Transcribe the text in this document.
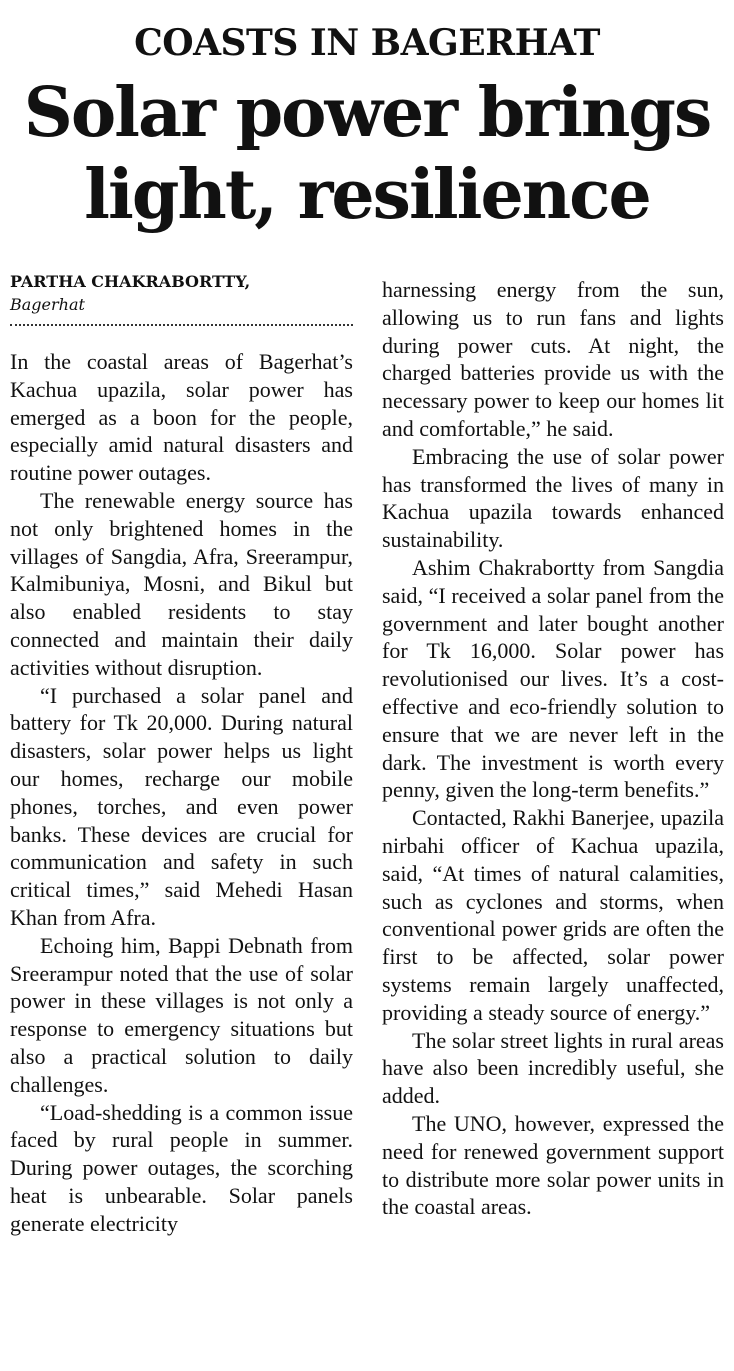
COASTS IN BAGERHAT
Solar power brings
light, resilience
PARTHA CHAKRABORTTY,
Bagerhat

In the coastal areas of Bagerhat’s Kachua upazila, solar power has emerged as a boon for the people, especially amid natural disasters and routine power outages.

The renewable energy source has not only brightened homes in the villages of Sangdia, Afra, Sreerampur, Kalmibuniya, Mosni, and Bikul but also enabled residents to stay connected and maintain their daily activities without disruption.

“I purchased a solar panel and battery for Tk 20,000. During natural disasters, solar power helps us light our homes, recharge our mobile phones, torches, and even power banks. These devices are crucial for communication and safety in such critical times,” said Mehedi Hasan Khan from Afra.

Echoing him, Bappi Debnath from Sreerampur noted that the use of solar power in these villages is not only a response to emergency situations but also a practical solution to daily challenges.

“Load-shedding is a common issue faced by rural people in summer. During power outages, the scorching heat is unbearable. Solar panels generate electricity

harnessing energy from the sun, allowing us to run fans and lights during power cuts. At night, the charged batteries provide us with the necessary power to keep our homes lit and comfortable,” he said.

Embracing the use of solar power has transformed the lives of many in Kachua upazila towards enhanced sustainability.

Ashim Chakrabortty from Sangdia said, “I received a solar panel from the government and later bought another for Tk 16,000. Solar power has revolutionised our lives. It’s a cost-effective and eco-friendly solution to ensure that we are never left in the dark. The investment is worth every penny, given the long-term benefits.”

Contacted, Rakhi Banerjee, upazila nirbahi officer of Kachua upazila, said, “At times of natural calamities, such as cyclones and storms, when conventional power grids are often the first to be affected, solar power systems remain largely unaffected, providing a steady source of energy.”

The solar street lights in rural areas have also been incredibly useful, she added.

The UNO, however, expressed the need for renewed government support to distribute more solar power units in the coastal areas.
